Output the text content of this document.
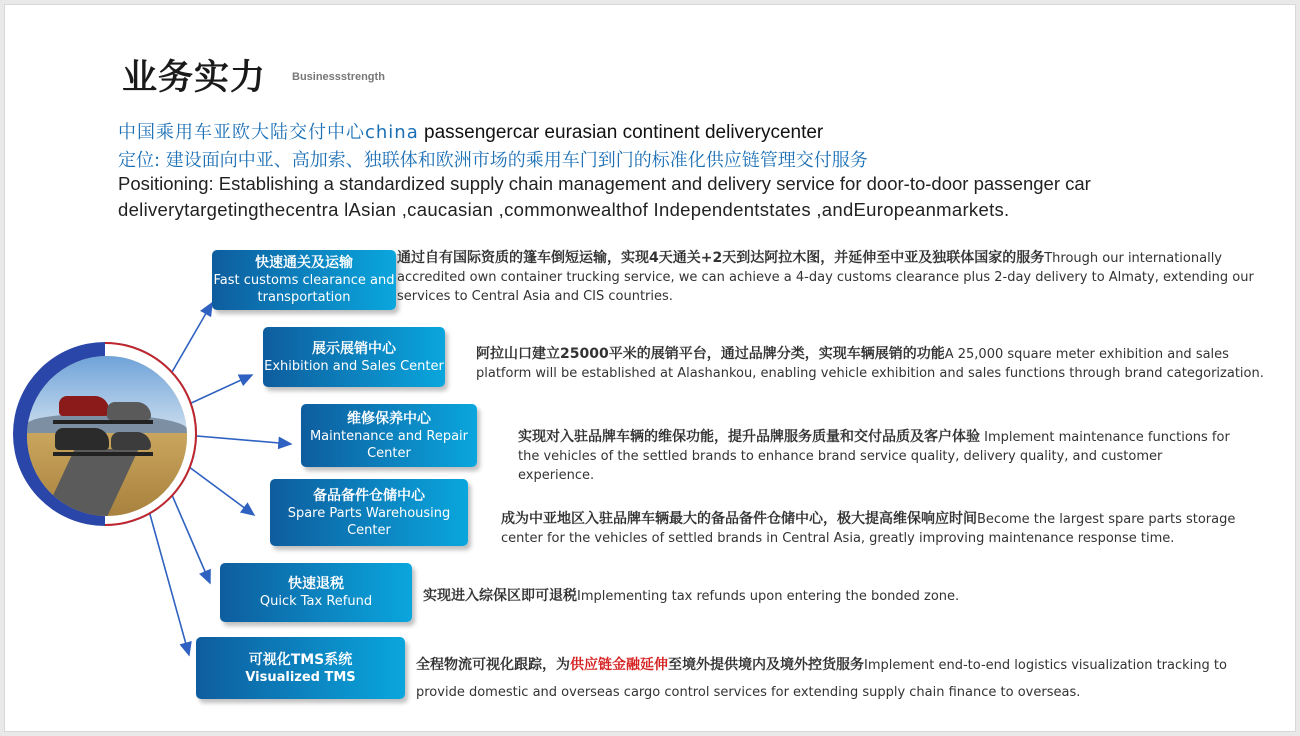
业务实力 Businessstrength
中国乘用车亚欧大陆交付中心china passengercar eurasian continent deliverycenter
定位: 建设面向中亚、高加索、独联体和欧洲市场的乘用车门到门的标准化供应链管理交付服务
Positioning: Establishing a standardized supply chain management and delivery service for door-to-door passenger car
deliverytargetingthecentra lAsian ,caucasian ,commonwealthof Independentstates ,andEuropeanmarkets.
快速通关及运输
Fast customs clearance and transportation
展示展销中心
Exhibition and Sales Center
维修保养中心
Maintenance and Repair Center
备品备件仓储中心
Spare Parts Warehousing Center
快速退税
Quick Tax Refund
可视化TMS系统
Visualized TMS
通过自有国际资质的篷车倒短运输，实现4天通关+2天到达阿拉木图，并延伸至中亚及独联体国家的服务Through our internationally accredited own container trucking service, we can achieve a 4-day customs clearance plus 2-day delivery to Almaty, extending our services to Central Asia and CIS countries.
阿拉山口建立25000平米的展销平台，通过品牌分类，实现车辆展销的功能A 25,000 square meter exhibition and sales platform will be established at Alashankou, enabling vehicle exhibition and sales functions through brand categorization.
实现对入驻品牌车辆的维保功能，提升品牌服务质量和交付品质及客户体验 Implement maintenance functions for the vehicles of the settled brands to enhance brand service quality, delivery quality, and customer experience.
成为中亚地区入驻品牌车辆最大的备品备件仓储中心，极大提高维保响应时间Become the largest spare parts storage center for the vehicles of settled brands in Central Asia, greatly improving maintenance response time.
实现进入综保区即可退税Implementing tax refunds upon entering the bonded zone.
全程物流可视化跟踪，为供应链金融延伸至境外提供境内及境外控货服务Implement end-to-end logistics visualization tracking to provide domestic and overseas cargo control services for extending supply chain finance to overseas.
